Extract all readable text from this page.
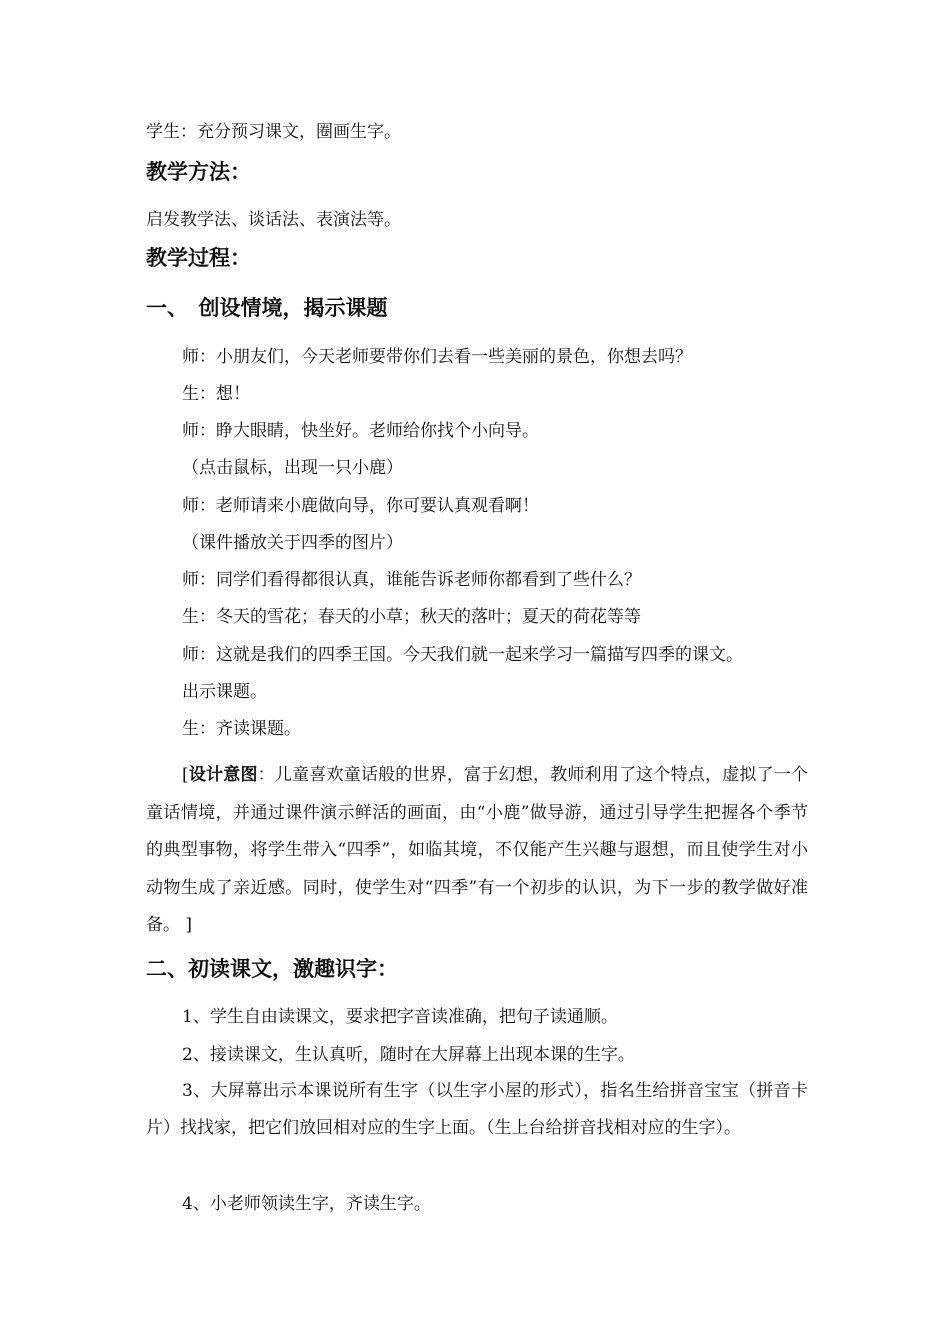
学生：充分预习课文，圈画生字。
教学方法：
启发教学法、谈话法、表演法等。
教学过程：
一、　创设情境，揭示课题
师：小朋友们，今天老师要带你们去看一些美丽的景色，你想去吗？
生：想！
师：睁大眼睛，快坐好。老师给你找个小向导。
（点击鼠标，出现一只小鹿）
师：老师请来小鹿做向导，你可要认真观看啊！
（课件播放关于四季的图片）
师：同学们看得都很认真，谁能告诉老师你都看到了些什么？
生：冬天的雪花；春天的小草；秋天的落叶；夏天的荷花等等
师：这就是我们的四季王国。今天我们就一起来学习一篇描写四季的课文。
出示课题。
生：齐读课题。
[设计意图：儿童喜欢童话般的世界，富于幻想，教师利用了这个特点，虚拟了一个童话情境，并通过课件演示鲜活的画面，由“小鹿”做导游，通过引导学生把握各个季节的典型事物，将学生带入“四季”，如临其境，不仅能产生兴趣与遐想，而且使学生对小动物生成了亲近感。同时，使学生对“四季”有一个初步的认识，为下一步的教学做好准备。 ]
二、初读课文，激趣识字：
1、学生自由读课文，要求把字音读准确，把句子读通顺。
2、接读课文，生认真听，随时在大屏幕上出现本课的生字。
3、大屏幕出示本课说所有生字（以生字小屋的形式），指名生给拼音宝宝（拼音卡片）找找家，把它们放回相对应的生字上面。（生上台给拼音找相对应的生字）。
4、小老师领读生字，齐读生字。
